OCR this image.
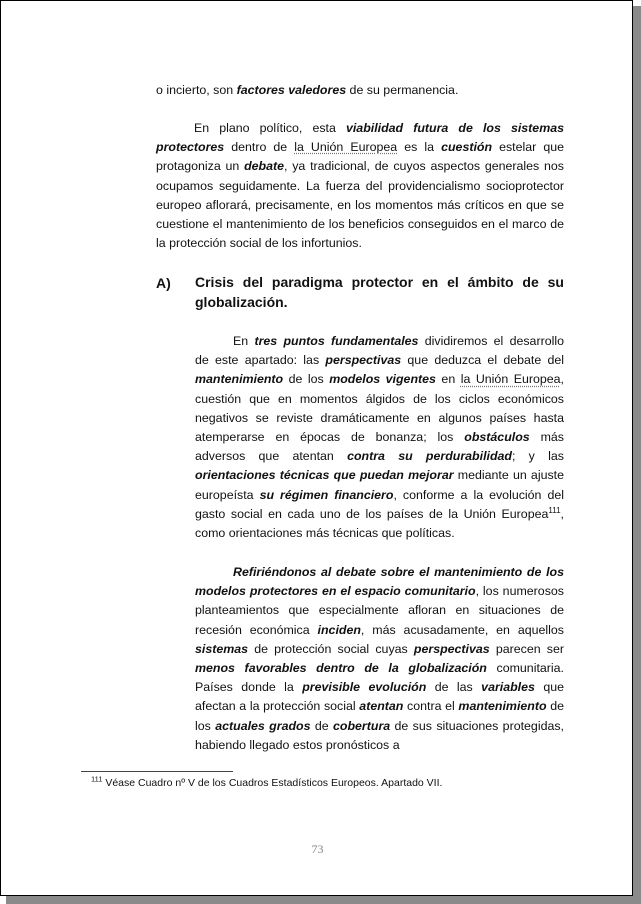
o incierto, son factores valedores de su permanencia.

En plano político, esta viabilidad futura de los sistemas protectores dentro de la Unión Europea es la cuestión estelar que protagoniza un debate, ya tradicional, de cuyos aspectos generales nos ocupamos seguidamente. La fuerza del providencialismo socioprotector europeo aflorará, precisamente, en los momentos más críticos en que se cuestione el mantenimiento de los beneficios conseguidos en el marco de la protección social de los infortunios.

A) Crisis del paradigma protector en el ámbito de su globalización.

En tres puntos fundamentales dividiremos el desarrollo de este apartado: las perspectivas que deduzca el debate del mantenimiento de los modelos vigentes en la Unión Europea, cuestión que en momentos álgidos de los ciclos económicos negativos se reviste dramáticamente en algunos países hasta atemperarse en épocas de bonanza; los obstáculos más adversos que atentan contra su perdurabilidad; y las orientaciones técnicas que puedan mejorar mediante un ajuste europeísta su régimen financiero, conforme a la evolución del gasto social en cada uno de los países de la Unión Europea$^{111}$, como orientaciones más técnicas que políticas.

Refiriéndonos al debate sobre el mantenimiento de los modelos protectores en el espacio comunitario, los numerosos planteamientos que especialmente afloran en situaciones de recesión económica inciden, más acusadamente, en aquellos sistemas de protección social cuyas perspectivas parecen ser menos favorables dentro de la globalización comunitaria. Países donde la previsible evolución de las variables que afectan a la protección social atentan contra el mantenimiento de los actuales grados de cobertura de sus situaciones protegidas, habiendo llegado estos pronósticos a

$^{111}$ Véase Cuadro nº V de los Cuadros Estadísticos Europeos. Apartado VII.
73
